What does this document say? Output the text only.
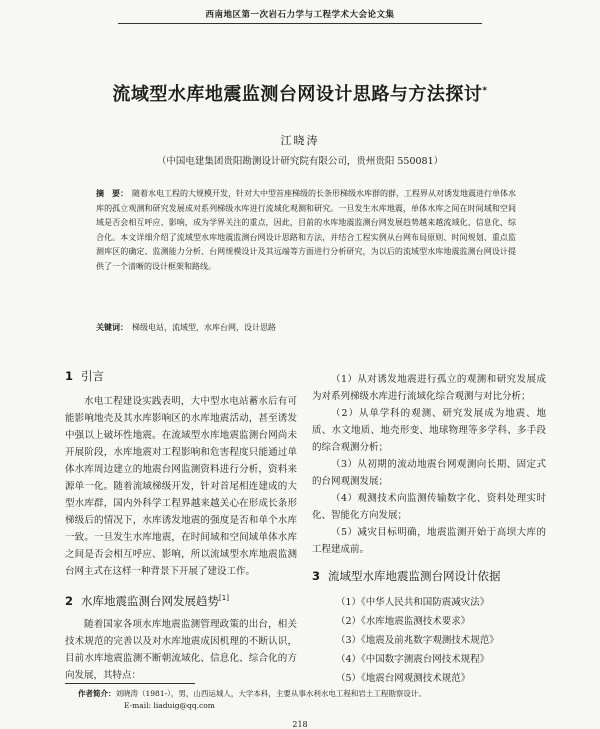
西南地区第一次岩石力学与工程学术大会论文集
流域型水库地震监测台网设计思路与方法探讨*
江晓涛
（中国电建集团贵阳勘测设计研究院有限公司，贵州贵阳 550081）
摘　要： 随着水电工程的大规模开发，针对大中型首座梯级的长条形梯级水库群的群，工程界从对诱发地震进行单体水库的孤立观测和研究发展成对系列梯级水库进行流域化观测和研究。一旦发生水库地震，单体水库之间在时间域和空间域是否会相互呼应、影响，成为学界关注的重点，因此，目前的水库地震监测台网发展趋势越来越流域化、信息化、综合化。本文详细介绍了流域型水库地震监测台网设计思路和方法，并结合工程实例从台网布局原则、时间规划、重点监测库区的确定、监测能力分析、台网规模设计及其远端等方面进行分析研究，为以后的流域型水库地震监测台网设计提供了一个清晰的设计框架和路线。
关键词： 梯级电站，流域型，水库台网，设计思路
1 引言

水电工程建设实践表明，大中型水电站蓄水后有可能影响地壳及其水库影响区的水库地震活动，甚至诱发中强以上破坏性地震。在流域型水库地震监测台网尚未开展阶段，水库地震对工程影响和危害程度只能通过单体水库周边建立的地震台网监测资料进行分析，资料来源单一化。随着流域梯级开发，针对首尾相连建成的大型水库群，国内外科学工程界越来越关心在形成长条形梯级后的情况下，水库诱发地震的强度是否和单个水库一致。一旦发生水库地震，在时间域和空间域单体水库之间是否会相互呼应、影响，所以流域型水库地震监测台网主式在这样一种背景下开展了建设工作。

2 水库地震监测台网发展趋势[1]

随着国家各项水库地震监测管理政策的出台，相关技术规范的完善以及对水库地震成因机理的不断认识，目前水库地震监测不断朝流域化、信息化、综合化的方向发展，其特点：

（1）从对诱发地震进行孤立的观测和研究发展成为对系列梯级水库进行流域化综合观测与对比分析；

（2）从单学科的观测、研究发展成为地震、地质、水文地质、地壳形变、地球物理等多学科、多手段的综合观测分析；

（3）从初期的流动地震台网观测向长期、固定式的台网观测发展；

（4）观测技术向监测传输数字化、资料处理实时化、智能化方向发展；

（5）减灾目标明确，地震监测开始于高坝大库的工程建成前。

3 流域型水库地震监测台网设计依据

（1）《中华人民共和国防震减灾法》

（2）《水库地震监测技术要求》

（3）《地震及前兆数字观测技术规范》

（4）《中国数字测震台网技术规程》

（5）《地震台网观测技术规范》

作者简介：刘晓涛（1981-），男，山西运城人，大学本科，主要从事水利水电工程和岩土工程勘察设计。
E-mail: liaduig@qq.com
218
